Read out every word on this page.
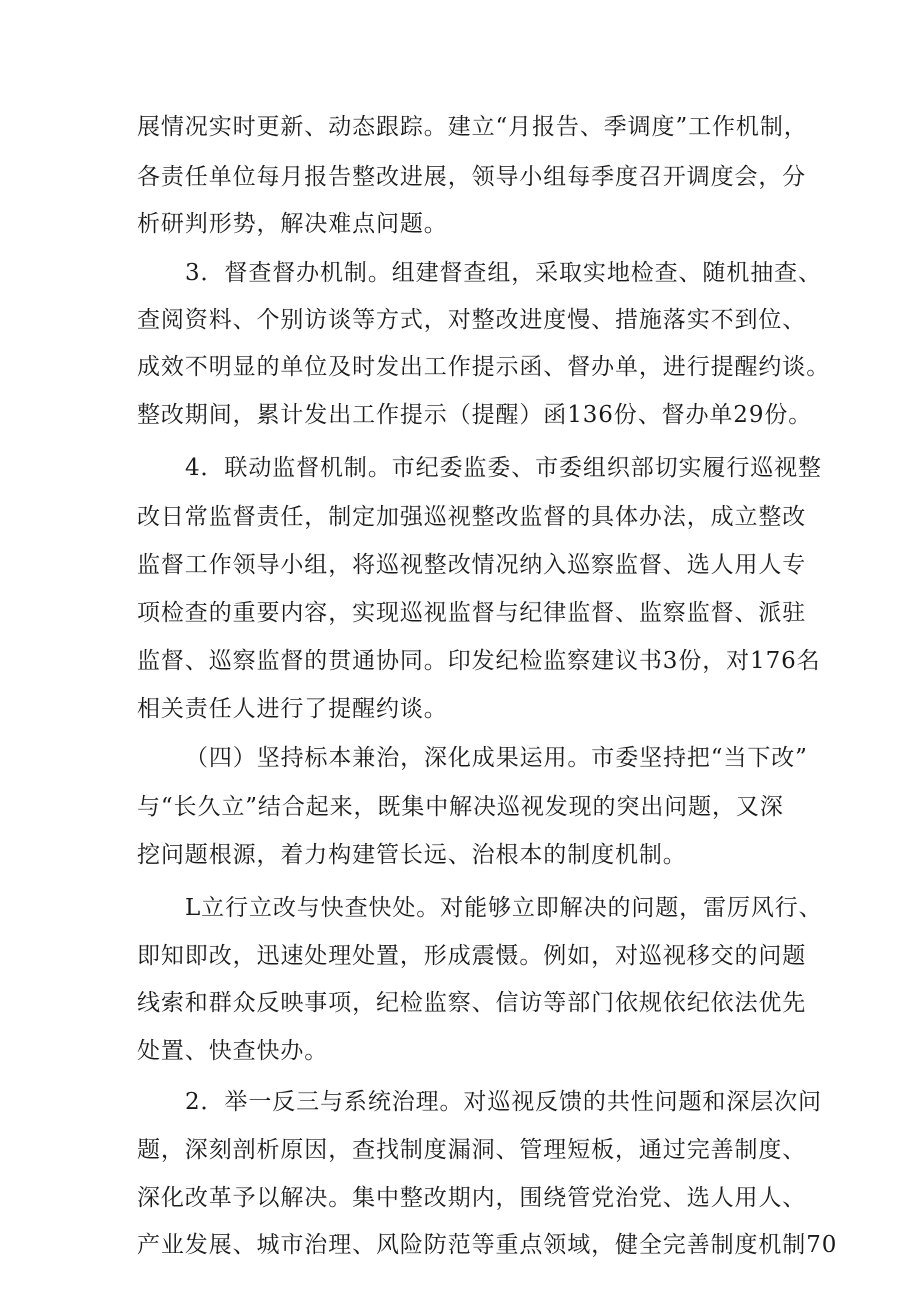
展情况实时更新、动态跟踪。建立“月报告、季调度”工作机制，
各责任单位每月报告整改进展，领导小组每季度召开调度会，分
析研判形势，解决难点问题。
3．督查督办机制。组建督查组，采取实地检查、随机抽查、
查阅资料、个别访谈等方式，对整改进度慢、措施落实不到位、
成效不明显的单位及时发出工作提示函、督办单，进行提醒约谈。
整改期间，累计发出工作提示（提醒）函136份、督办单29份。
4．联动监督机制。市纪委监委、市委组织部切实履行巡视整
改日常监督责任，制定加强巡视整改监督的具体办法，成立整改
监督工作领导小组，将巡视整改情况纳入巡察监督、选人用人专
项检查的重要内容，实现巡视监督与纪律监督、监察监督、派驻
监督、巡察监督的贯通协同。印发纪检监察建议书3份，对176名
相关责任人进行了提醒约谈。
（四）坚持标本兼治，深化成果运用。市委坚持把“当下改”
与“长久立”结合起来，既集中解决巡视发现的突出问题，又深
挖问题根源，着力构建管长远、治根本的制度机制。
L立行立改与快查快处。对能够立即解决的问题，雷厉风行、
即知即改，迅速处理处置，形成震慑。例如，对巡视移交的问题
线索和群众反映事项，纪检监察、信访等部门依规依纪依法优先
处置、快查快办。
2．举一反三与系统治理。对巡视反馈的共性问题和深层次问
题，深刻剖析原因，查找制度漏洞、管理短板，通过完善制度、
深化改革予以解决。集中整改期内，围绕管党治党、选人用人、
产业发展、城市治理、风险防范等重点领域，健全完善制度机制70
